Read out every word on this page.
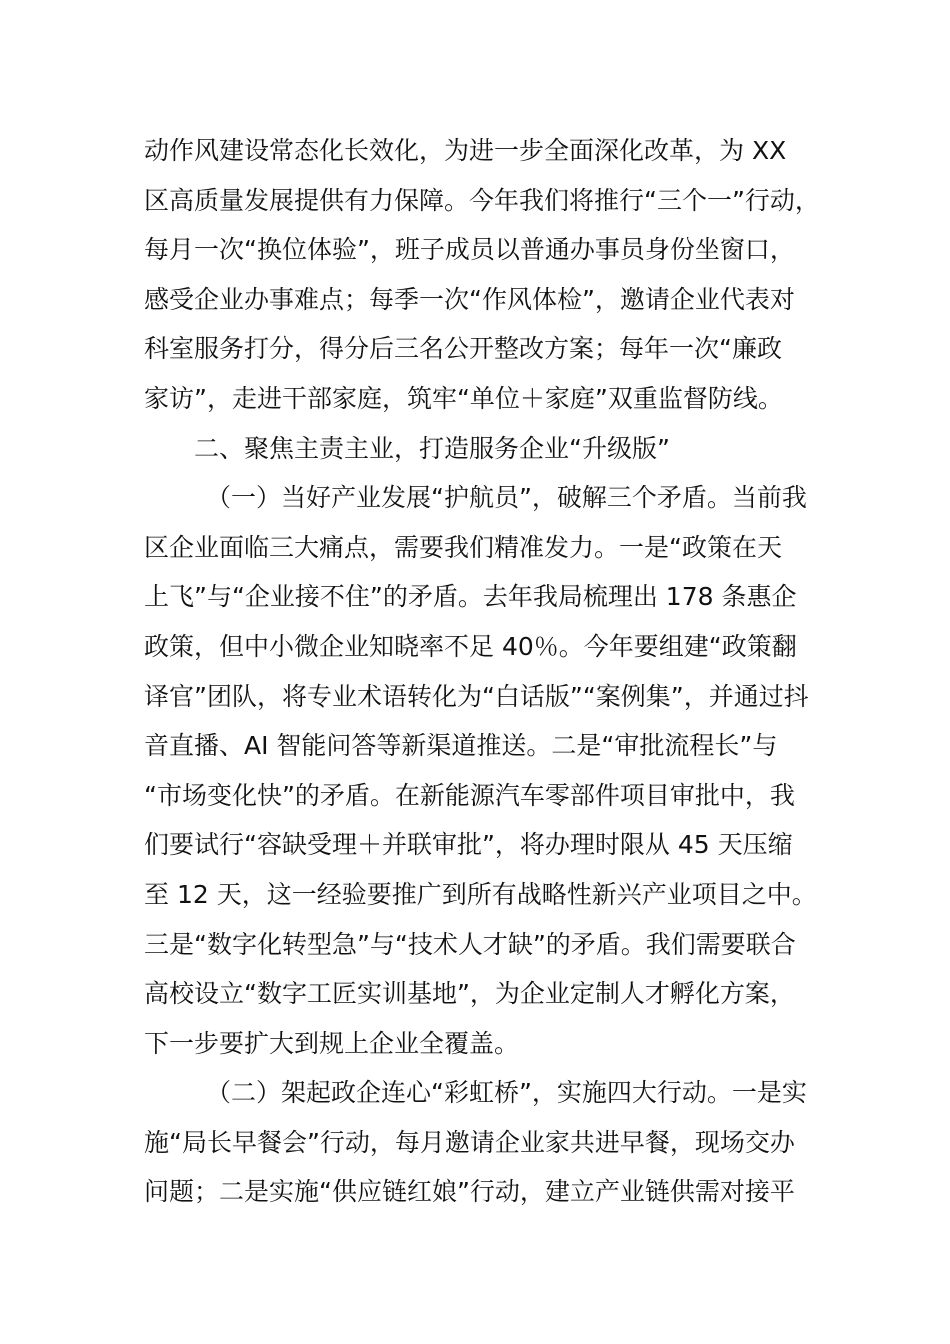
动作风建设常态化长效化，为进一步全面深化改革，为 XX
区高质量发展提供有力保障。今年我们将推行“三个一”行动，
每月一次“换位体验”，班子成员以普通办事员身份坐窗口，
感受企业办事难点；每季一次“作风体检”，邀请企业代表对
科室服务打分，得分后三名公开整改方案；每年一次“廉政
家访”，走进干部家庭，筑牢“单位＋家庭”双重监督防线。
二、聚焦主责主业，打造服务企业“升级版”
（一）当好产业发展“护航员”，破解三个矛盾。当前我
区企业面临三大痛点，需要我们精准发力。一是“政策在天
上飞”与“企业接不住”的矛盾。去年我局梳理出 178 条惠企
政策，但中小微企业知晓率不足 40％。今年要组建“政策翻
译官”团队，将专业术语转化为“白话版”“案例集”，并通过抖
音直播、AI 智能问答等新渠道推送。二是“审批流程长”与
“市场变化快”的矛盾。在新能源汽车零部件项目审批中，我
们要试行“容缺受理＋并联审批”，将办理时限从 45 天压缩
至 12 天，这一经验要推广到所有战略性新兴产业项目之中。
三是“数字化转型急”与“技术人才缺”的矛盾。我们需要联合
高校设立“数字工匠实训基地”，为企业定制人才孵化方案，
下一步要扩大到规上企业全覆盖。
（二）架起政企连心“彩虹桥”，实施四大行动。一是实
施“局长早餐会”行动，每月邀请企业家共进早餐，现场交办
问题；二是实施“供应链红娘”行动，建立产业链供需对接平
